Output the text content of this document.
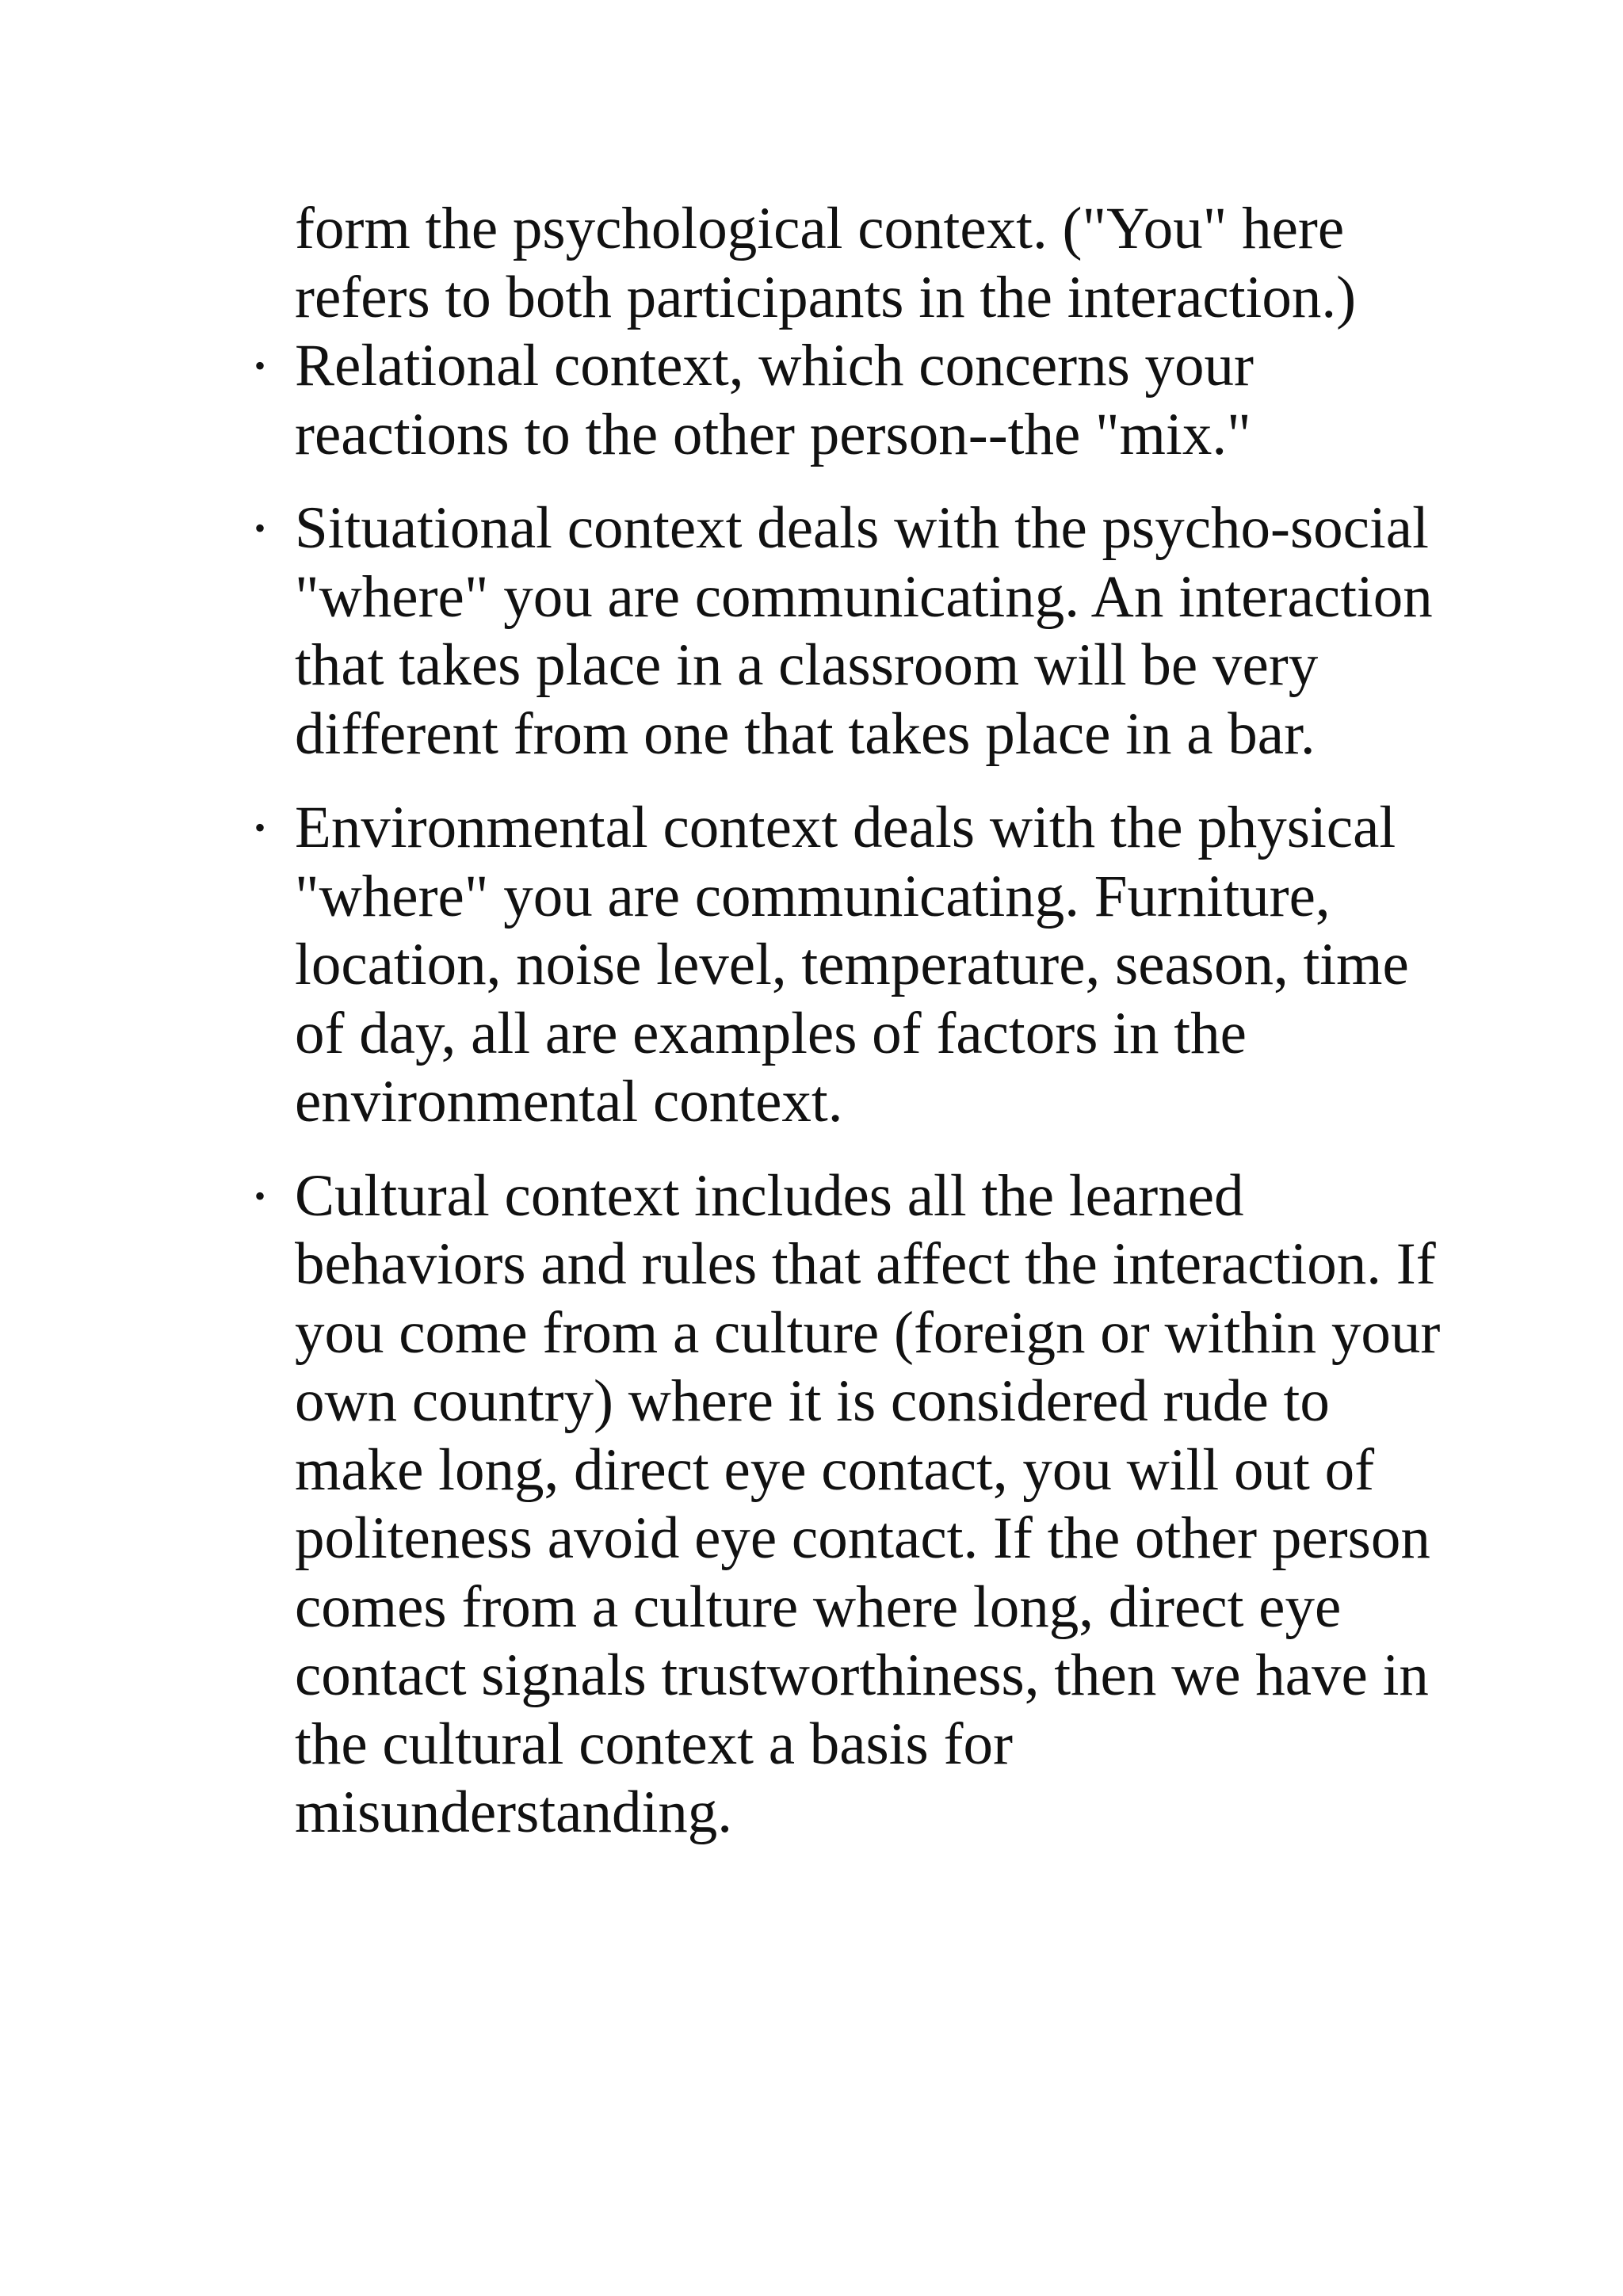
form the psychological context. ("You" here refers to both participants in the interaction.)

• Relational context, which concerns your reactions to the other person--the "mix."
• Situational context deals with the psycho-social "where" you are communicating. An interaction that takes place in a classroom will be very different from one that takes place in a bar.
• Environmental context deals with the physical "where" you are communicating. Furniture, location, noise level, temperature, season, time of day, all are examples of factors in the environmental context.
• Cultural context includes all the learned behaviors and rules that affect the interaction. If you come from a culture (foreign or within your own country) where it is considered rude to make long, direct eye contact, you will out of politeness avoid eye contact. If the other person comes from a culture where long, direct eye contact signals trustworthiness, then we have in the cultural context a basis for misunderstanding.
